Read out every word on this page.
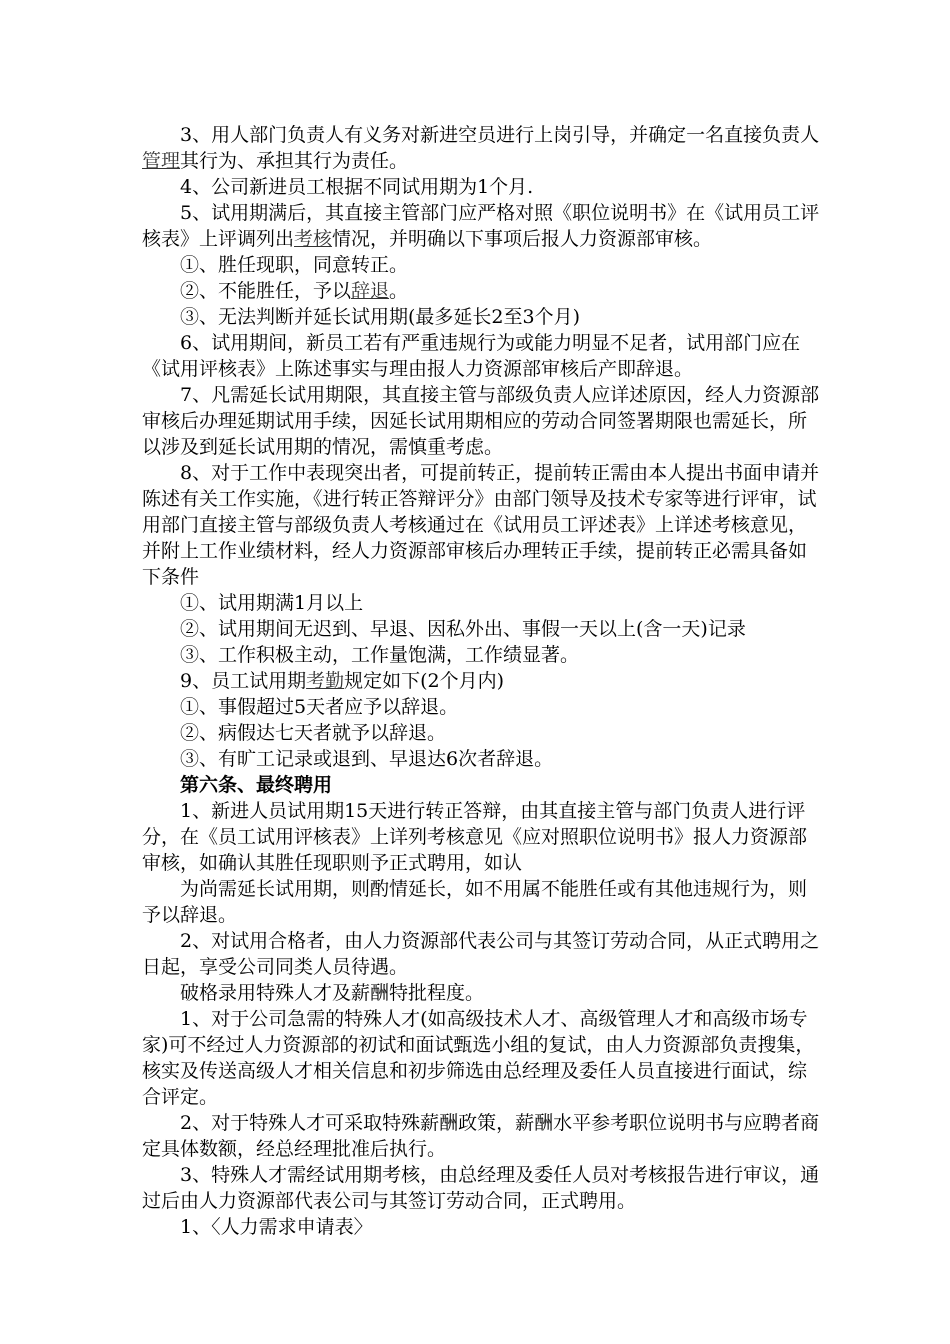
3、用人部门负责人有义务对新进空员进行上岗引导，并确定一名直接负责人管理其行为、承担其行为责任。

4、公司新进员工根据不同试用期为1个月.

5、试用期满后，其直接主管部门应严格对照《职位说明书》在《试用员工评核表》上评调列出考核情况，并明确以下事项后报人力资源部审核。

①、胜任现职，同意转正。

②、不能胜任，予以辞退。

③、无法判断并延长试用期(最多延长2至3个月)

6、试用期间，新员工若有严重违规行为或能力明显不足者，试用部门应在《试用评核表》上陈述事实与理由报人力资源部审核后产即辞退。

7、凡需延长试用期限，其直接主管与部级负责人应详述原因，经人力资源部审核后办理延期试用手续，因延长试用期相应的劳动合同签署期限也需延长，所以涉及到延长试用期的情况，需慎重考虑。

8、对于工作中表现突出者，可提前转正，提前转正需由本人提出书面申请并陈述有关工作实施，《进行转正答辩评分》由部门领导及技术专家等进行评审，试用部门直接主管与部级负责人考核通过在《试用员工评述表》上详述考核意见，并附上工作业绩材料，经人力资源部审核后办理转正手续，提前转正必需具备如下条件

①、试用期满1月以上

②、试用期间无迟到、早退、因私外出、事假一天以上(含一天)记录

③、工作积极主动，工作量饱满，工作绩显著。

9、员工试用期考勤规定如下(2个月内)

①、事假超过5天者应予以辞退。

②、病假达七天者就予以辞退。

③、有旷工记录或退到、早退达6次者辞退。

第六条、最终聘用

1、新进人员试用期15天进行转正答辩，由其直接主管与部门负责人进行评分，在《员工试用评核表》上详列考核意见《应对照职位说明书》报人力资源部审核，如确认其胜任现职则予正式聘用，如认

为尚需延长试用期，则酌情延长，如不用属不能胜任或有其他违规行为，则予以辞退。

2、对试用合格者，由人力资源部代表公司与其签订劳动合同，从正式聘用之日起，享受公司同类人员待遇。

破格录用特殊人才及薪酬特批程度。

1、对于公司急需的特殊人才(如高级技术人才、高级管理人才和高级市场专家)可不经过人力资源部的初试和面试甄选小组的复试，由人力资源部负责搜集，核实及传送高级人才相关信息和初步筛选由总经理及委任人员直接进行面试，综合评定。

2、对于特殊人才可采取特殊薪酬政策，薪酬水平参考职位说明书与应聘者商定具体数额，经总经理批准后执行。

3、特殊人才需经试用期考核，由总经理及委任人员对考核报告进行审议，通过后由人力资源部代表公司与其签订劳动合同，正式聘用。

1、〈人力需求申请表〉
